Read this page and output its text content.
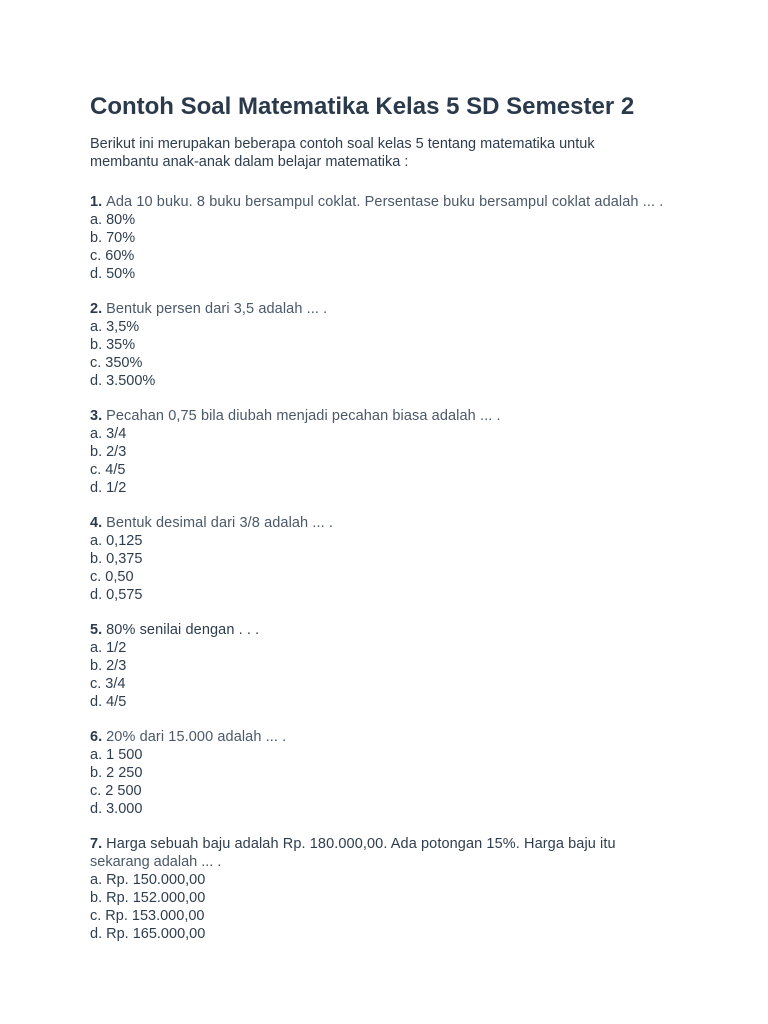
Contoh Soal Matematika Kelas 5 SD Semester 2
Berikut ini merupakan beberapa contoh soal kelas 5 tentang matematika untuk
membantu anak-anak dalam belajar matematika :
1. Ada 10 buku. 8 buku bersampul coklat. Persentase buku bersampul coklat adalah ... .
a. 80%
b. 70%
c. 60%
d. 50%
2. Bentuk persen dari 3,5 adalah ... .
a. 3,5%
b. 35%
c. 350%
d. 3.500%
3. Pecahan 0,75 bila diubah menjadi pecahan biasa adalah ... .
a. 3/4
b. 2/3
c. 4/5
d. 1/2
4. Bentuk desimal dari 3/8 adalah ... .
a. 0,125
b. 0,375
c. 0,50
d. 0,575
5. 80% senilai dengan . . .
a. 1/2
b. 2/3
c. 3/4
d. 4/5
6. 20% dari 15.000 adalah ... .
a. 1 500
b. 2 250
c. 2 500
d. 3.000
7. Harga sebuah baju adalah Rp. 180.000,00. Ada potongan 15%. Harga baju itu
sekarang adalah ... .
a. Rp. 150.000,00
b. Rp. 152.000,00
c. Rp. 153.000,00
d. Rp. 165.000,00
